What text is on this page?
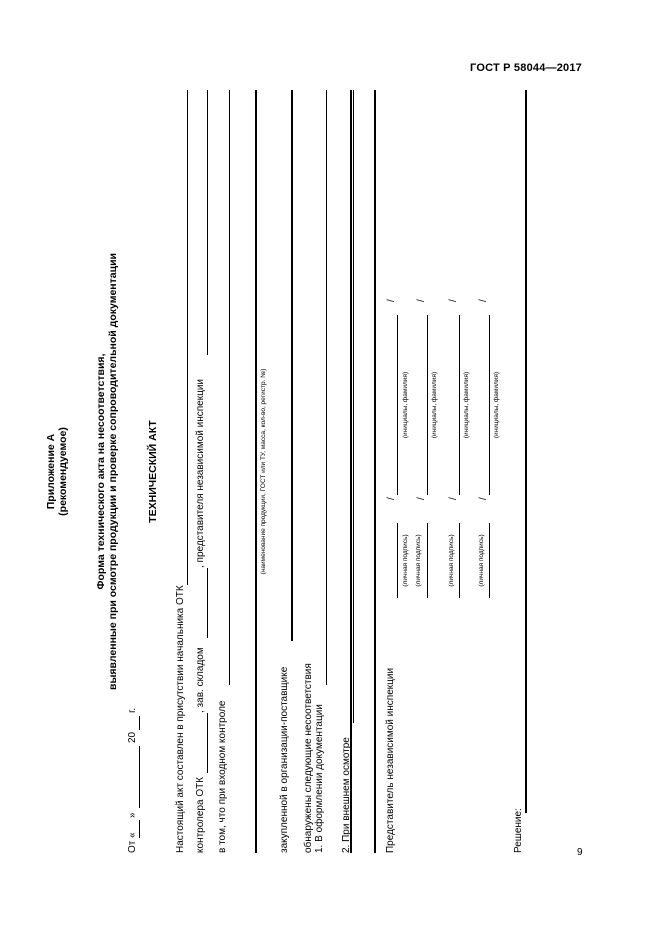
ГОСТ Р 58044—2017
Приложение А (рекомендуемое) Форма технического акта на несоответствия, выявленные при осмотре продукции и проверке сопроводительной документации	ТЕХНИЧЕСКИЙ АКТ
От «
»
20
г.	Настоящий акт составлен в присутствии начальника ОТК контролера ОТК
, зав. складом
, представителя независимой инспекции
в том, что при входном контроле
(наименование продукции, ГОСТ или ТУ, масса, кол-во, регистр. №)
закупленной в организации-поставщике обнаружены следующие несоответствия 1. В оформлении документации 2. При внешнем осмотре	Представитель независимой инспекции
(личная подпись)
/
(инициалы, фамилия)
/
(личная подпись)
/
(инициалы, фамилия)
/
(личная подпись)
/
(инициалы, фамилия)
/
(личная подпись)
/
(инициалы, фамилия)
/
Решение:	9
